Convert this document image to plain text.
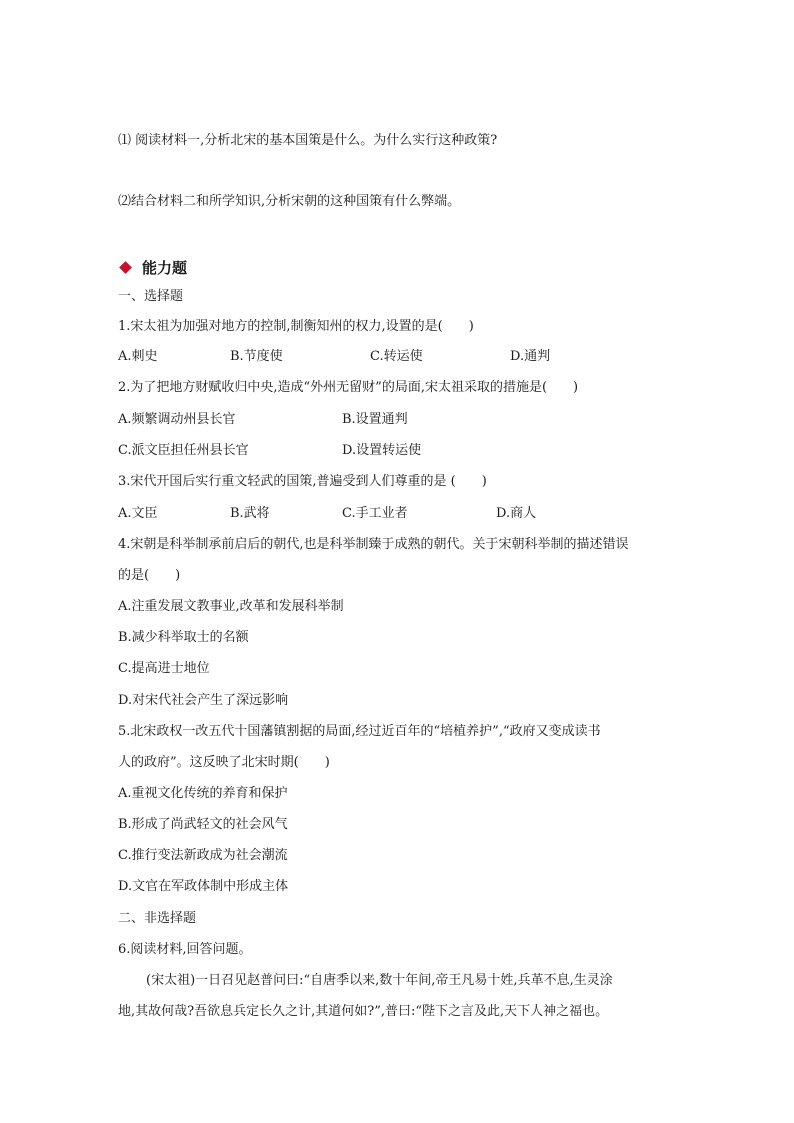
⑴ 阅读材料一,分析北宋的基本国策是什么。为什么实行这种政策?
⑵结合材料二和所学知识,分析宋朝的这种国策有什么弊端。
能力题
一、选择题
1.宋太祖为加强对地方的控制,制衡知州的权力,设置的是(　　)
A.刺史	B.节度使	C.转运使	D.通判
2.为了把地方财赋收归中央,造成“外州无留财”的局面,宋太祖采取的措施是(　　)
A.频繁调动州县长官	B.设置通判
C.派文臣担任州县长官	D.设置转运使
3.宋代开国后实行重文轻武的国策,普遍受到人们尊重的是 (　　)
A.文臣	B.武将	C.手工业者	D.商人
4.宋朝是科举制承前启后的朝代,也是科举制臻于成熟的朝代。关于宋朝科举制的描述错误
的是(　　)
A.注重发展文教事业,改革和发展科举制
B.减少科举取士的名额
C.提高进士地位
D.对宋代社会产生了深远影响
5.北宋政权一改五代十国藩镇割据的局面,经过近百年的“培植养护”,“政府又变成读书
人的政府”。这反映了北宋时期(　　)
A.重视文化传统的养育和保护
B.形成了尚武轻文的社会风气
C.推行变法新政成为社会潮流
D.文官在军政体制中形成主体
二、非选择题
6.阅读材料,回答问题。
(宋太祖)一日召见赵普问曰:“自唐季以来,数十年间,帝王凡易十姓,兵革不息,生灵涂
地,其故何哉?吾欲息兵定长久之计,其道何如?”,普曰:“陛下之言及此,天下人神之福也。
